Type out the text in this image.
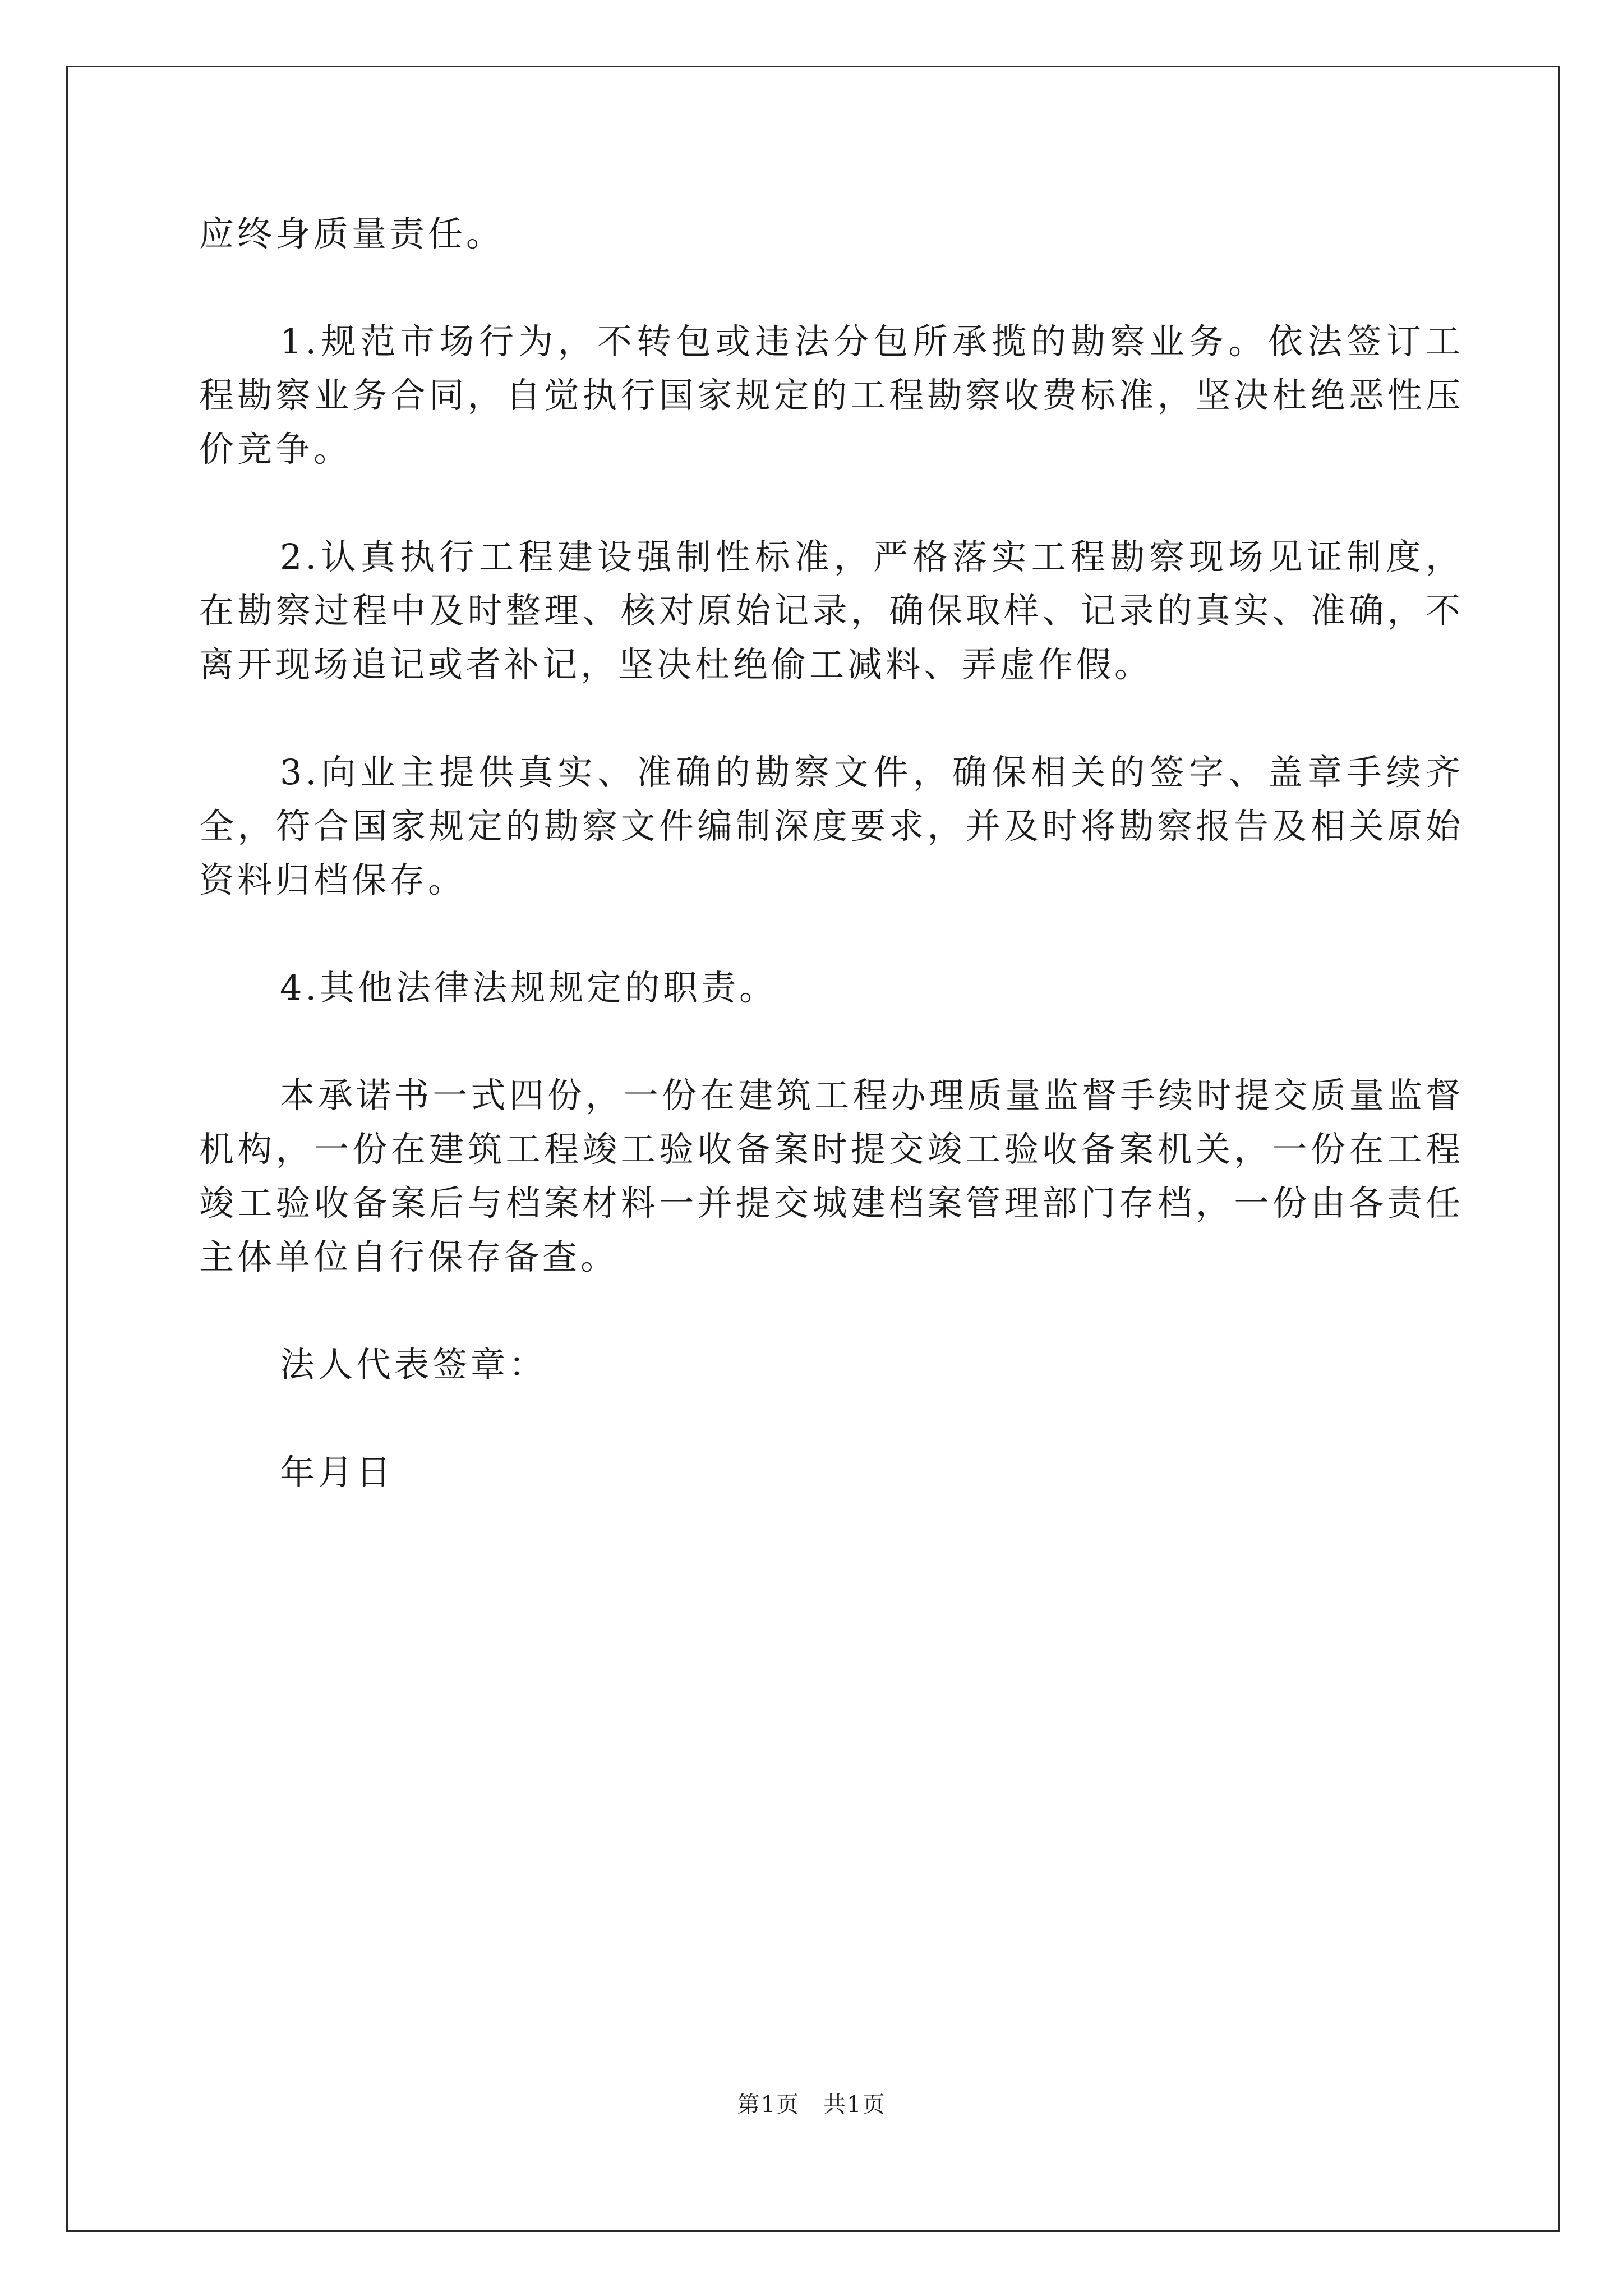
应终身质量责任。

1.规范市场行为，不转包或违法分包所承揽的勘察业务。依法签订工程勘察业务合同，自觉执行国家规定的工程勘察收费标准，坚决杜绝恶性压价竞争。

2.认真执行工程建设强制性标准，严格落实工程勘察现场见证制度，在勘察过程中及时整理、核对原始记录，确保取样、记录的真实、准确，不离开现场追记或者补记，坚决杜绝偷工减料、弄虚作假。

3.向业主提供真实、准确的勘察文件，确保相关的签字、盖章手续齐全，符合国家规定的勘察文件编制深度要求，并及时将勘察报告及相关原始资料归档保存。

4.其他法律法规规定的职责。

本承诺书一式四份，一份在建筑工程办理质量监督手续时提交质量监督机构，一份在建筑工程竣工验收备案时提交竣工验收备案机关，一份在工程竣工验收备案后与档案材料一并提交城建档案管理部门存档，一份由各责任主体单位自行保存备查。

法人代表签章：

年月日

第1页　共1页
